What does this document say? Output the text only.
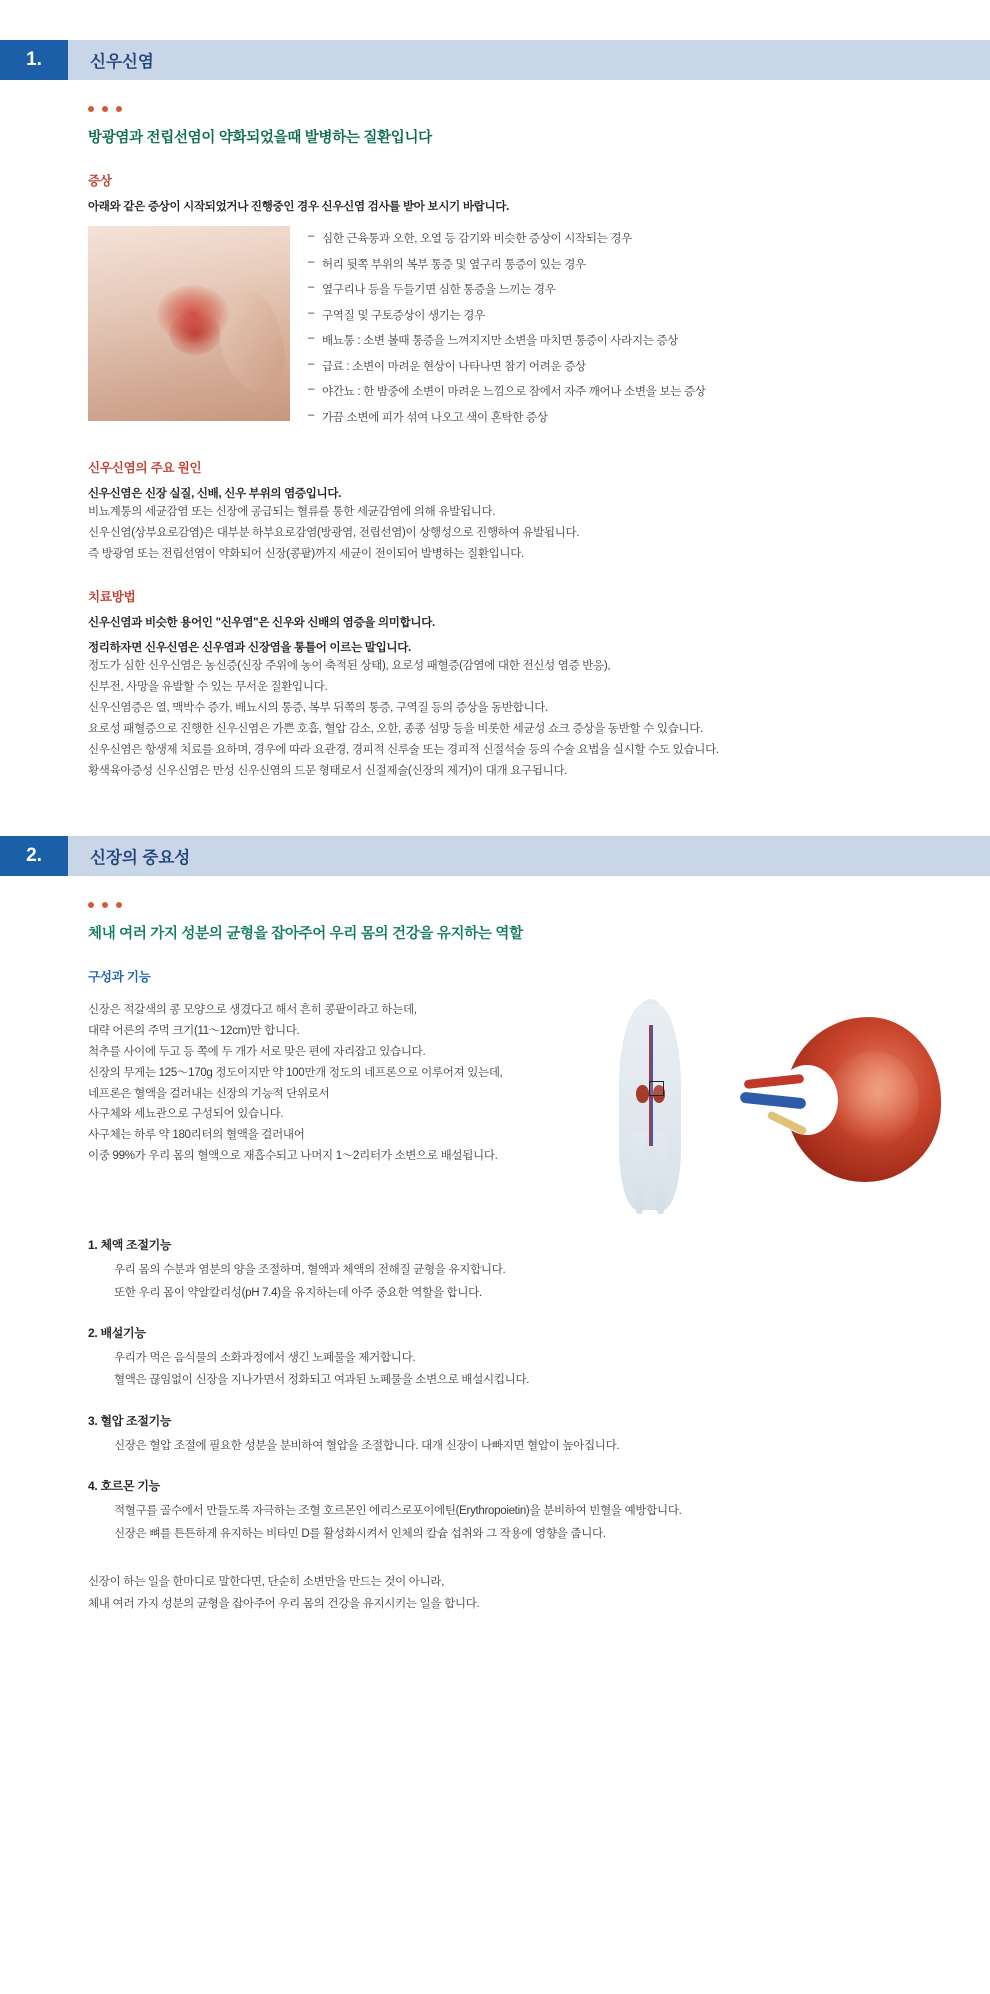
1.	신우신염
방광염과 전립선염이 약화되었을때 발병하는 질환입니다
증상
아래와 같은 증상이 시작되었거나 진행중인 경우 신우신염 검사를 받아 보시기 바랍니다.
– 심한 근육통과 오한, 오열 등 감기와 비슷한 증상이 시작되는 경우
– 허리 뒷쪽 부위의 복부 통증 및 옆구리 통증이 있는 경우
– 옆구리나 등을 두들기면 심한 통증을 느끼는 경우
– 구역질 및 구토증상이 생기는 경우
– 배뇨통 : 소변 볼때 통증을 느껴지지만 소변을 마치면 통증이 사라지는 증상
– 급료 : 소변이 마려운 현상이 나타나면 참기 어려운 증상
– 야간뇨 : 한 밤중에 소변이 마려운 느낌으로 잠에서 자주 깨어나 소변을 보는 증상
– 가끔 소변에 피가 섞여 나오고 색이 혼탁한 증상
신우신염의 주요 원인
신우신염은 신장 실질, 신배, 신우 부위의 염증입니다.
비뇨계통의 세균감염 또는 신장에 공급되는 혈류를 통한 세균감염에 의해 유발됩니다.
신우신염(상부요로감염)은 대부분 하부요로감염(방광염, 전립선염)이 상행성으로 진행하여 유발됩니다.
즉 방광염 또는 전립선염이 약화되어 신장(콩팥)까지 세균이 전이되어 발병하는 질환입니다.
치료방법
신우신염과 비슷한 용어인 "신우염"은 신우와 신배의 염증을 의미합니다.
정리하자면 신우신염은 신우염과 신장염을 통틀어 이르는 말입니다.
정도가 심한 신우신염은 농신증(신장 주위에 농이 축적된 상태), 요로성 패혈증(감염에 대한 전신성 염증 반응),
신부전, 사망을 유발할 수 있는 무서운 질환입니다.
신우신염증은 열, 맥박수 증가, 배뇨시의 통증, 복부 뒤쪽의 통증, 구역질 등의 증상을 동반합니다.
요로성 패혈증으로 진행한 신우신염은 가쁜 호흡, 혈압 감소, 오한, 종종 섬망 등을 비롯한 세균성 쇼크 증상을 동반할 수 있습니다.
신우신염은 항생제 치료를 요하며, 경우에 따라 요관경, 경피적 신루술 또는 경피적 신절석술 등의 수술 요법을 실시할 수도 있습니다.
황색육아증성 신우신염은 만성 신우신염의 드문 형태로서 신절제술(신장의 제거)이 대개 요구됩니다.
2.	신장의 중요성
체내 여러 가지 성분의 균형을 잡아주어 우리 몸의 건강을 유지하는 역할
구성과 기능
신장은 적갈색의 콩 모양으로 생겼다고 해서 흔히 콩팥이라고 하는데,
대략 어른의 주먹 크기(11〜12cm)만 합니다.
척추를 사이에 두고 등 쪽에 두 개가 서로 맞은 편에 자리잡고 있습니다.
신장의 무게는 125〜170g 정도이지만 약 100만개 정도의 네프론으로 이루어져 있는데,
네프론은 혈액을 걸러내는 신장의 기능적 단위로서
사구체와 세뇨관으로 구성되어 있습니다.
사구체는 하루 약 180리터의 혈액을 걸러내어
이중 99%가 우리 몸의 혈액으로 재흡수되고 나머지 1〜2리터가 소변으로 배설됩니다.
1. 체액 조절기능

우리 몸의 수분과 염분의 양을 조절하며, 혈액과 체액의 전해질 균형을 유지합니다.

또한 우리 몸이 약알칼리성(pH 7.4)을 유지하는데 아주 중요한 역할을 합니다.

2. 배설기능

우리가 먹은 음식물의 소화과정에서 생긴 노폐물을 제거합니다.

혈액은 끊임없이 신장을 지나가면서 정화되고 여과된 노폐물을 소변으로 배설시킵니다.

3. 혈압 조절기능

신장은 혈압 조절에 필요한 성분을 분비하여 혈압을 조절합니다. 대개 신장이 나빠지면 혈압이 높아집니다.

4. 호르몬 기능

적혈구를 골수에서 만들도록 자극하는 조혈 호르몬인 에리스로포이에틴(Erythropoietin)을 분비하여 빈혈을 예방합니다.

신장은 뼈를 튼튼하게 유지하는 비타민 D를 활성화시켜서 인체의 칼슘 섭취와 그 작용에 영향을 줍니다.

신장이 하는 일을 한마디로 말한다면, 단순히 소변만을 만드는 것이 아니라,

체내 여러 가지 성분의 균형을 잡아주어 우리 몸의 건강을 유지시키는 일을 합니다.
